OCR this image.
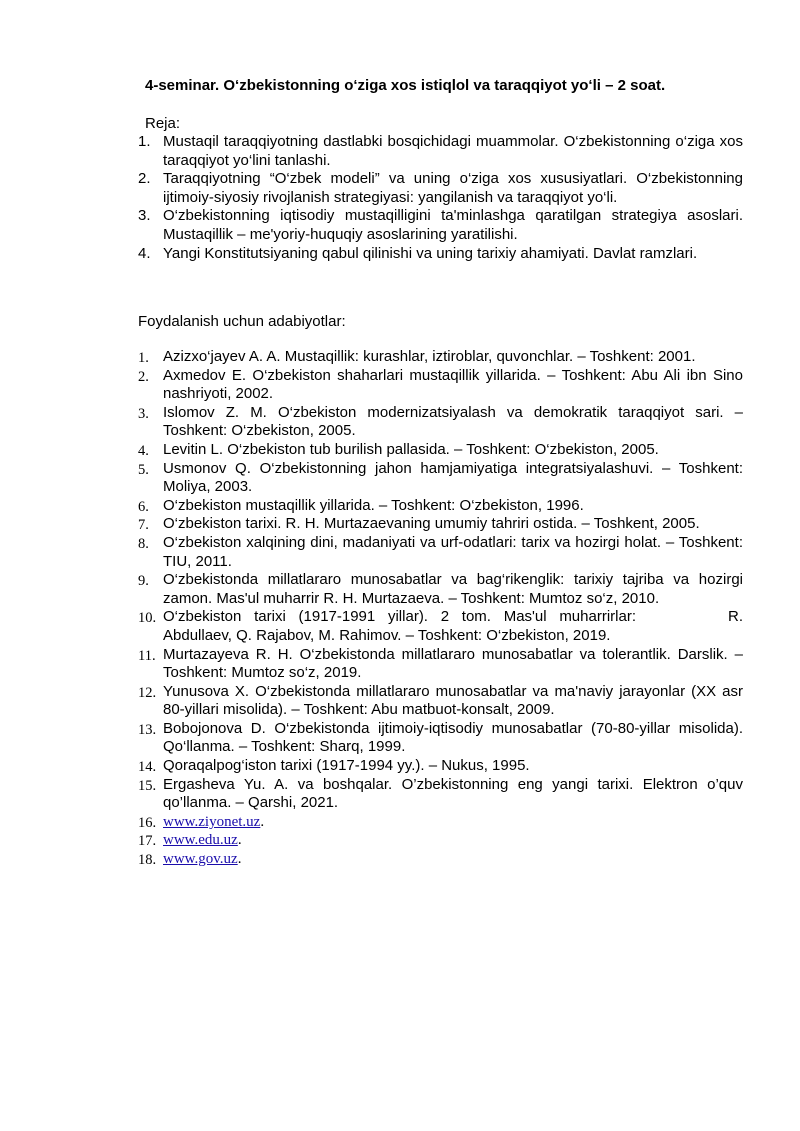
4-seminar. O‘zbekistonning o‘ziga xos istiqlol va taraqqiyot yo‘li – 2 soat.
Reja:
1. Mustaqil taraqqiyotning dastlabki bosqichidagi muammolar. O‘zbekistonning o‘ziga xos taraqqiyot yo‘lini tanlashi.
2. Taraqqiyotning “O‘zbek modeli” va uning o‘ziga xos xususiyatlari. O‘zbekistonning ijtimoiy-siyosiy rivojlanish strategiyasi: yangilanish va taraqqiyot yo‘li.
3. O‘zbekistonning iqtisodiy mustaqilligini ta'minlashga qaratilgan strategiya asoslari. Mustaqillik – me'yoriy-huquqiy asoslarining yaratilishi.
4. Yangi Konstitutsiyaning qabul qilinishi va uning tarixiy ahamiyati. Davlat ramzlari.
Foydalanish uchun adabiyotlar:
1. Azizxo‘jayev A. A. Mustaqillik: kurashlar, iztiroblar, quvonchlar. – Toshkent: 2001.
2. Axmedov E. O‘zbekiston shaharlari mustaqillik yillarida. – Toshkent: Abu Ali ibn Sino nashriyoti, 2002.
3. Islomov Z. M. O‘zbekiston modernizatsiyalash va demokratik taraqqiyot sari. – Toshkent: O‘zbekiston, 2005.
4. Levitin L. O‘zbekiston tub burilish pallasida. – Toshkent: O‘zbekiston, 2005.
5. Usmonov Q. O‘zbekistonning jahon hamjamiyatiga integratsiyalashuvi. – Toshkent: Moliya, 2003.
6. O‘zbekiston mustaqillik yillarida. – Toshkent: O‘zbekiston, 1996.
7. O‘zbekiston tarixi. R. H. Murtazaevaning umumiy tahriri ostida. – Toshkent, 2005.
8. O‘zbekiston xalqining dini, madaniyati va urf-odatlari: tarix va hozirgi holat. – Toshkent: TIU, 2011.
9. O‘zbekistonda millatlararo munosabatlar va bag‘rikenglik: tarixiy tajriba va hozirgi zamon. Mas'ul muharrir R. H. Murtazaeva. – Toshkent: Mumtoz so‘z, 2010.
10. O‘zbekiston tarixi (1917-1991 yillar). 2 tom. Mas'ul muharrirlar:	R. Abdullaev, Q. Rajabov, M. Rahimov. – Toshkent: O‘zbekiston, 2019.
11. Murtazayeva R. H. O‘zbekistonda millatlararo munosabatlar va tolerantlik. Darslik. – Toshkent: Mumtoz so‘z, 2019.
12. Yunusova X. O‘zbekistonda millatlararo munosabatlar va ma'naviy jarayonlar (XX asr 80-yillari misolida). – Toshkent: Abu matbuot-konsalt, 2009.
13. Bobojonova D. O‘zbekistonda ijtimoiy-iqtisodiy munosabatlar (70-80-yillar misolida). Qo‘llanma. – Toshkent: Sharq, 1999.
14. Qoraqalpog‘iston tarixi (1917-1994 yy.). – Nukus, 1995.
15. Ergasheva Yu. A. va boshqalar. O’zbekistonning eng yangi tarixi. Elektron o’quv qo’llanma. – Qarshi, 2021.
16. www.ziyonet.uz.
17. www.edu.uz.
18. www.gov.uz.
